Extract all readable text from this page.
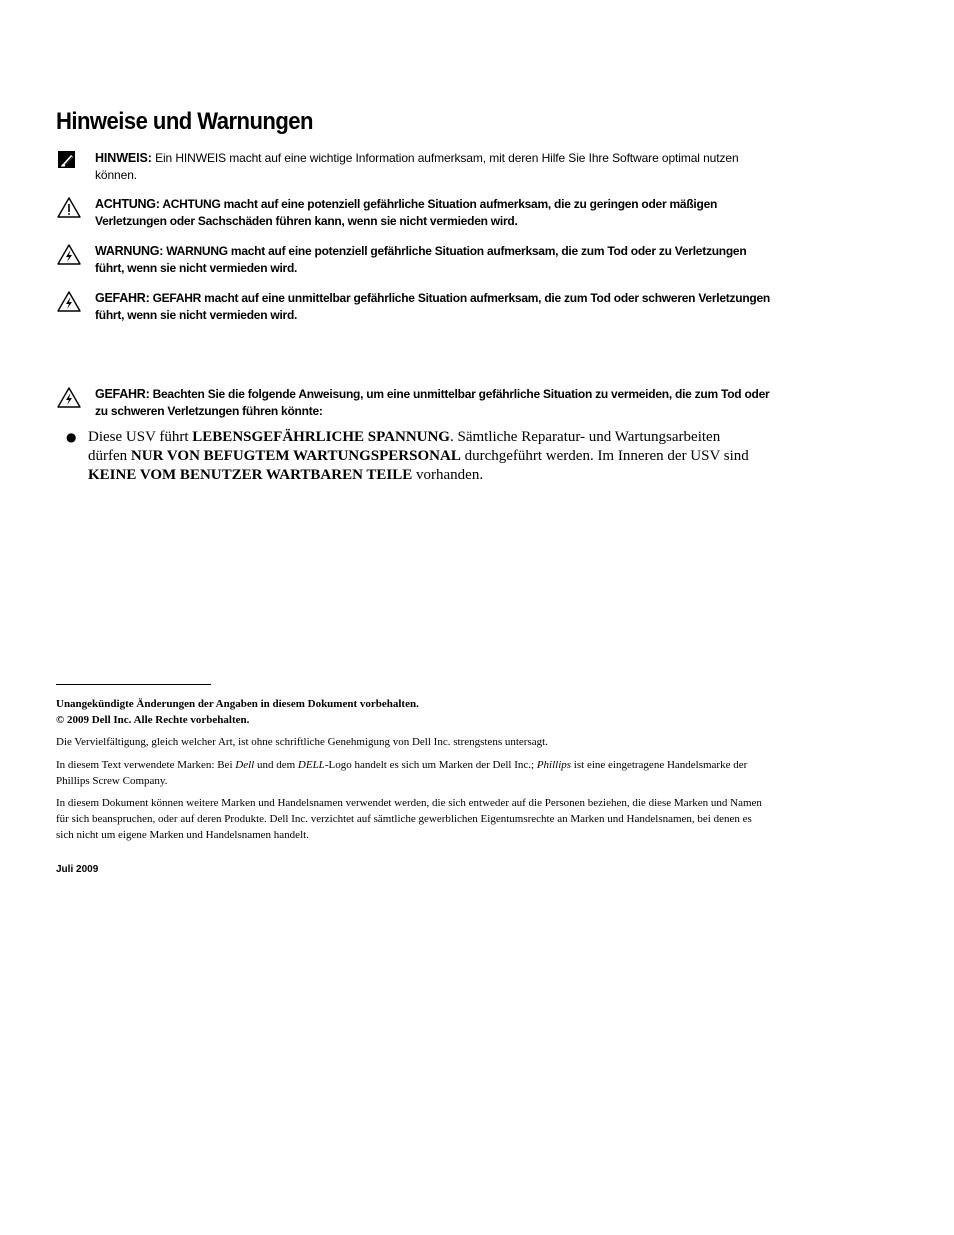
Hinweise und Warnungen
HINWEIS: Ein HINWEIS macht auf eine wichtige Information aufmerksam, mit deren Hilfe Sie Ihre Software optimal nutzen können.
ACHTUNG: ACHTUNG macht auf eine potenziell gefährliche Situation aufmerksam, die zu geringen oder mäßigen Verletzungen oder Sachschäden führen kann, wenn sie nicht vermieden wird.
WARNUNG: WARNUNG macht auf eine potenziell gefährliche Situation aufmerksam, die zum Tod oder zu Verletzungen führt, wenn sie nicht vermieden wird.
GEFAHR: GEFAHR macht auf eine unmittelbar gefährliche Situation aufmerksam, die zum Tod oder schweren Verletzungen führt, wenn sie nicht vermieden wird.
GEFAHR: Beachten Sie die folgende Anweisung, um eine unmittelbar gefährliche Situation zu vermeiden, die zum Tod oder zu schweren Verletzungen führen könnte:
● Diese USV führt LEBENSGEFÄHRLICHE SPANNUNG. Sämtliche Reparatur- und Wartungsarbeiten dürfen NUR VON BEFUGTEM WARTUNGSPERSONAL durchgeführt werden. Im Inneren der USV sind KEINE VOM BENUTZER WARTBAREN TEILE vorhanden.

Unangekündigte Änderungen der Angaben in diesem Dokument vorbehalten.
© 2009 Dell Inc. Alle Rechte vorbehalten.

Die Vervielfältigung, gleich welcher Art, ist ohne schriftliche Genehmigung von Dell Inc. strengstens untersagt.

In diesem Text verwendete Marken: Bei Dell und dem DELL-Logo handelt es sich um Marken der Dell Inc.; Phillips ist eine eingetragene Handelsmarke der Phillips Screw Company.

In diesem Dokument können weitere Marken und Handelsnamen verwendet werden, die sich entweder auf die Personen beziehen, die diese Marken und Namen für sich beanspruchen, oder auf deren Produkte. Dell Inc. verzichtet auf sämtliche gewerblichen Eigentumsrechte an Marken und Handelsnamen, bei denen es sich nicht um eigene Marken und Handelsnamen handelt.

Juli 2009
